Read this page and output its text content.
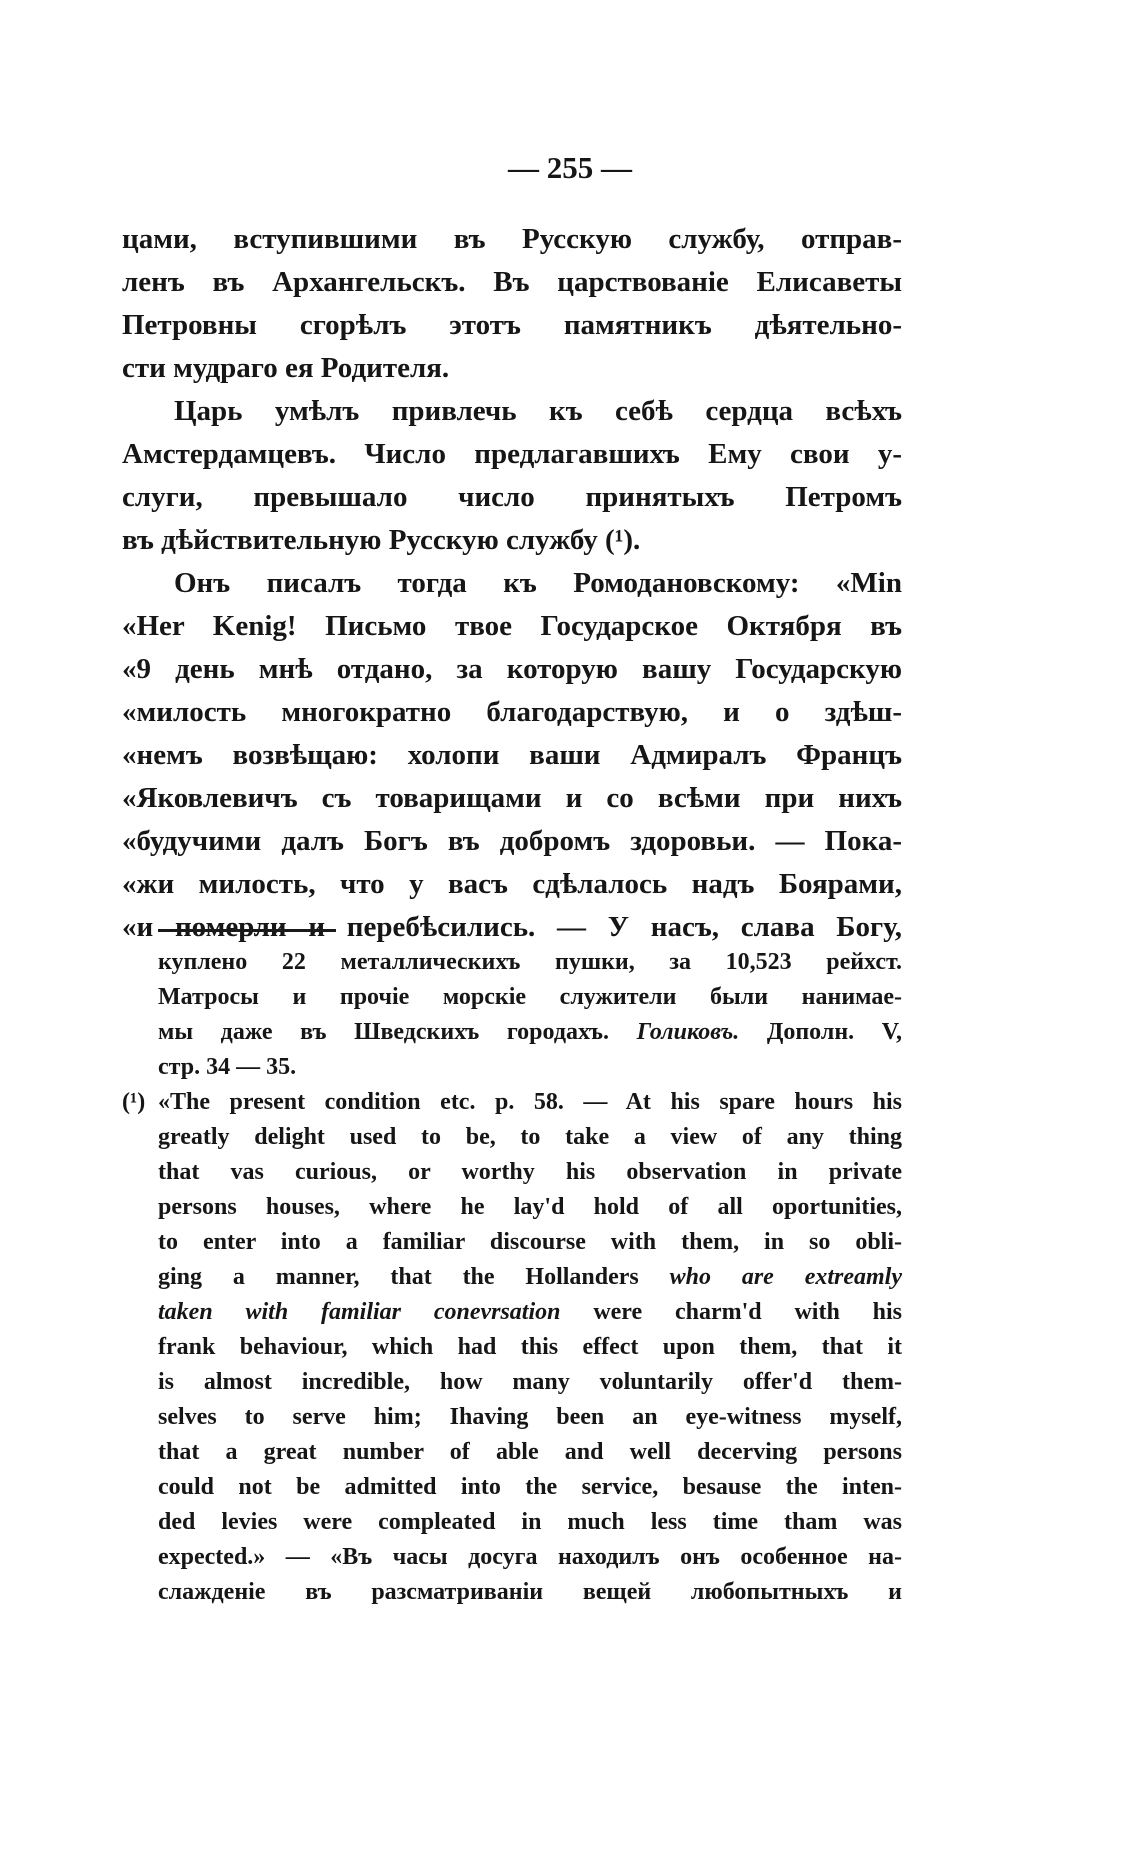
— 255 —

цами, вступившими въ Русскую службу, отправ-
ленъ въ Архангельскъ. Въ царствованіе Елисаветы
Петровны сгорѣлъ этотъ памятникъ дѣятельно-
сти мудраго ея Родителя.

Царь умѣлъ привлечь къ себѣ сердца всѣхъ
Амстердамцевъ. Число предлагавшихъ Ему свои у-
слуги, превышало число принятыхъ Петромъ
въ дѣйствительную Русскую службу (¹).

Онъ писалъ тогда къ Ромодановскому: «Min
«Her Kenig! Письмо твое Государское Октября въ
«9 день мнѣ отдано, за которую вашу Государскую
«милость многократно благодарствую, и о здѣш-
«немъ возвѣщаю: холопи ваши Адмиралъ Францъ
«Яковлевичъ съ товарищами и со всѣми при нихъ
«будучими далъ Богъ въ добромъ здоровьи. — Пока-
«жи милость, что у васъ сдѣлалось надъ Боярами,
«и померли и перебѣсились. — У насъ, слава Богу,

куплено 22 металлическихъ пушки, за 10,523 рейхст.
Матросы и прочіе морскіе служители были нанимае-
мы даже въ Шведскихъ городахъ. Голиковъ. Дополн. V,
стр. 34 — 35.
(¹) «The present condition etc. p. 58. — At his spare hours his
greatly delight used to be, to take a view of any thing
that vas curious, or worthy his observation in private
persons houses, where he lay'd hold of all oportunities,
to enter into a familiar discourse with them, in so obli-
ging a manner, that the Hollanders who are extreamly
taken with familiar conevrsation were charm'd with his
frank behaviour, which had this effect upon them, that it
is almost incredible, how many voluntarily offer'd them-
selves to serve him; Ihaving been an eye-witness myself,
that a great number of able and well decerving persons
could not be admitted into the service, besause the inten-
ded levies were compleated in much less time tham was
expected.» — «Въ часы досуга находилъ онъ особенное на-
слажденіе въ разсматриваніи вещей любопытныхъ и
